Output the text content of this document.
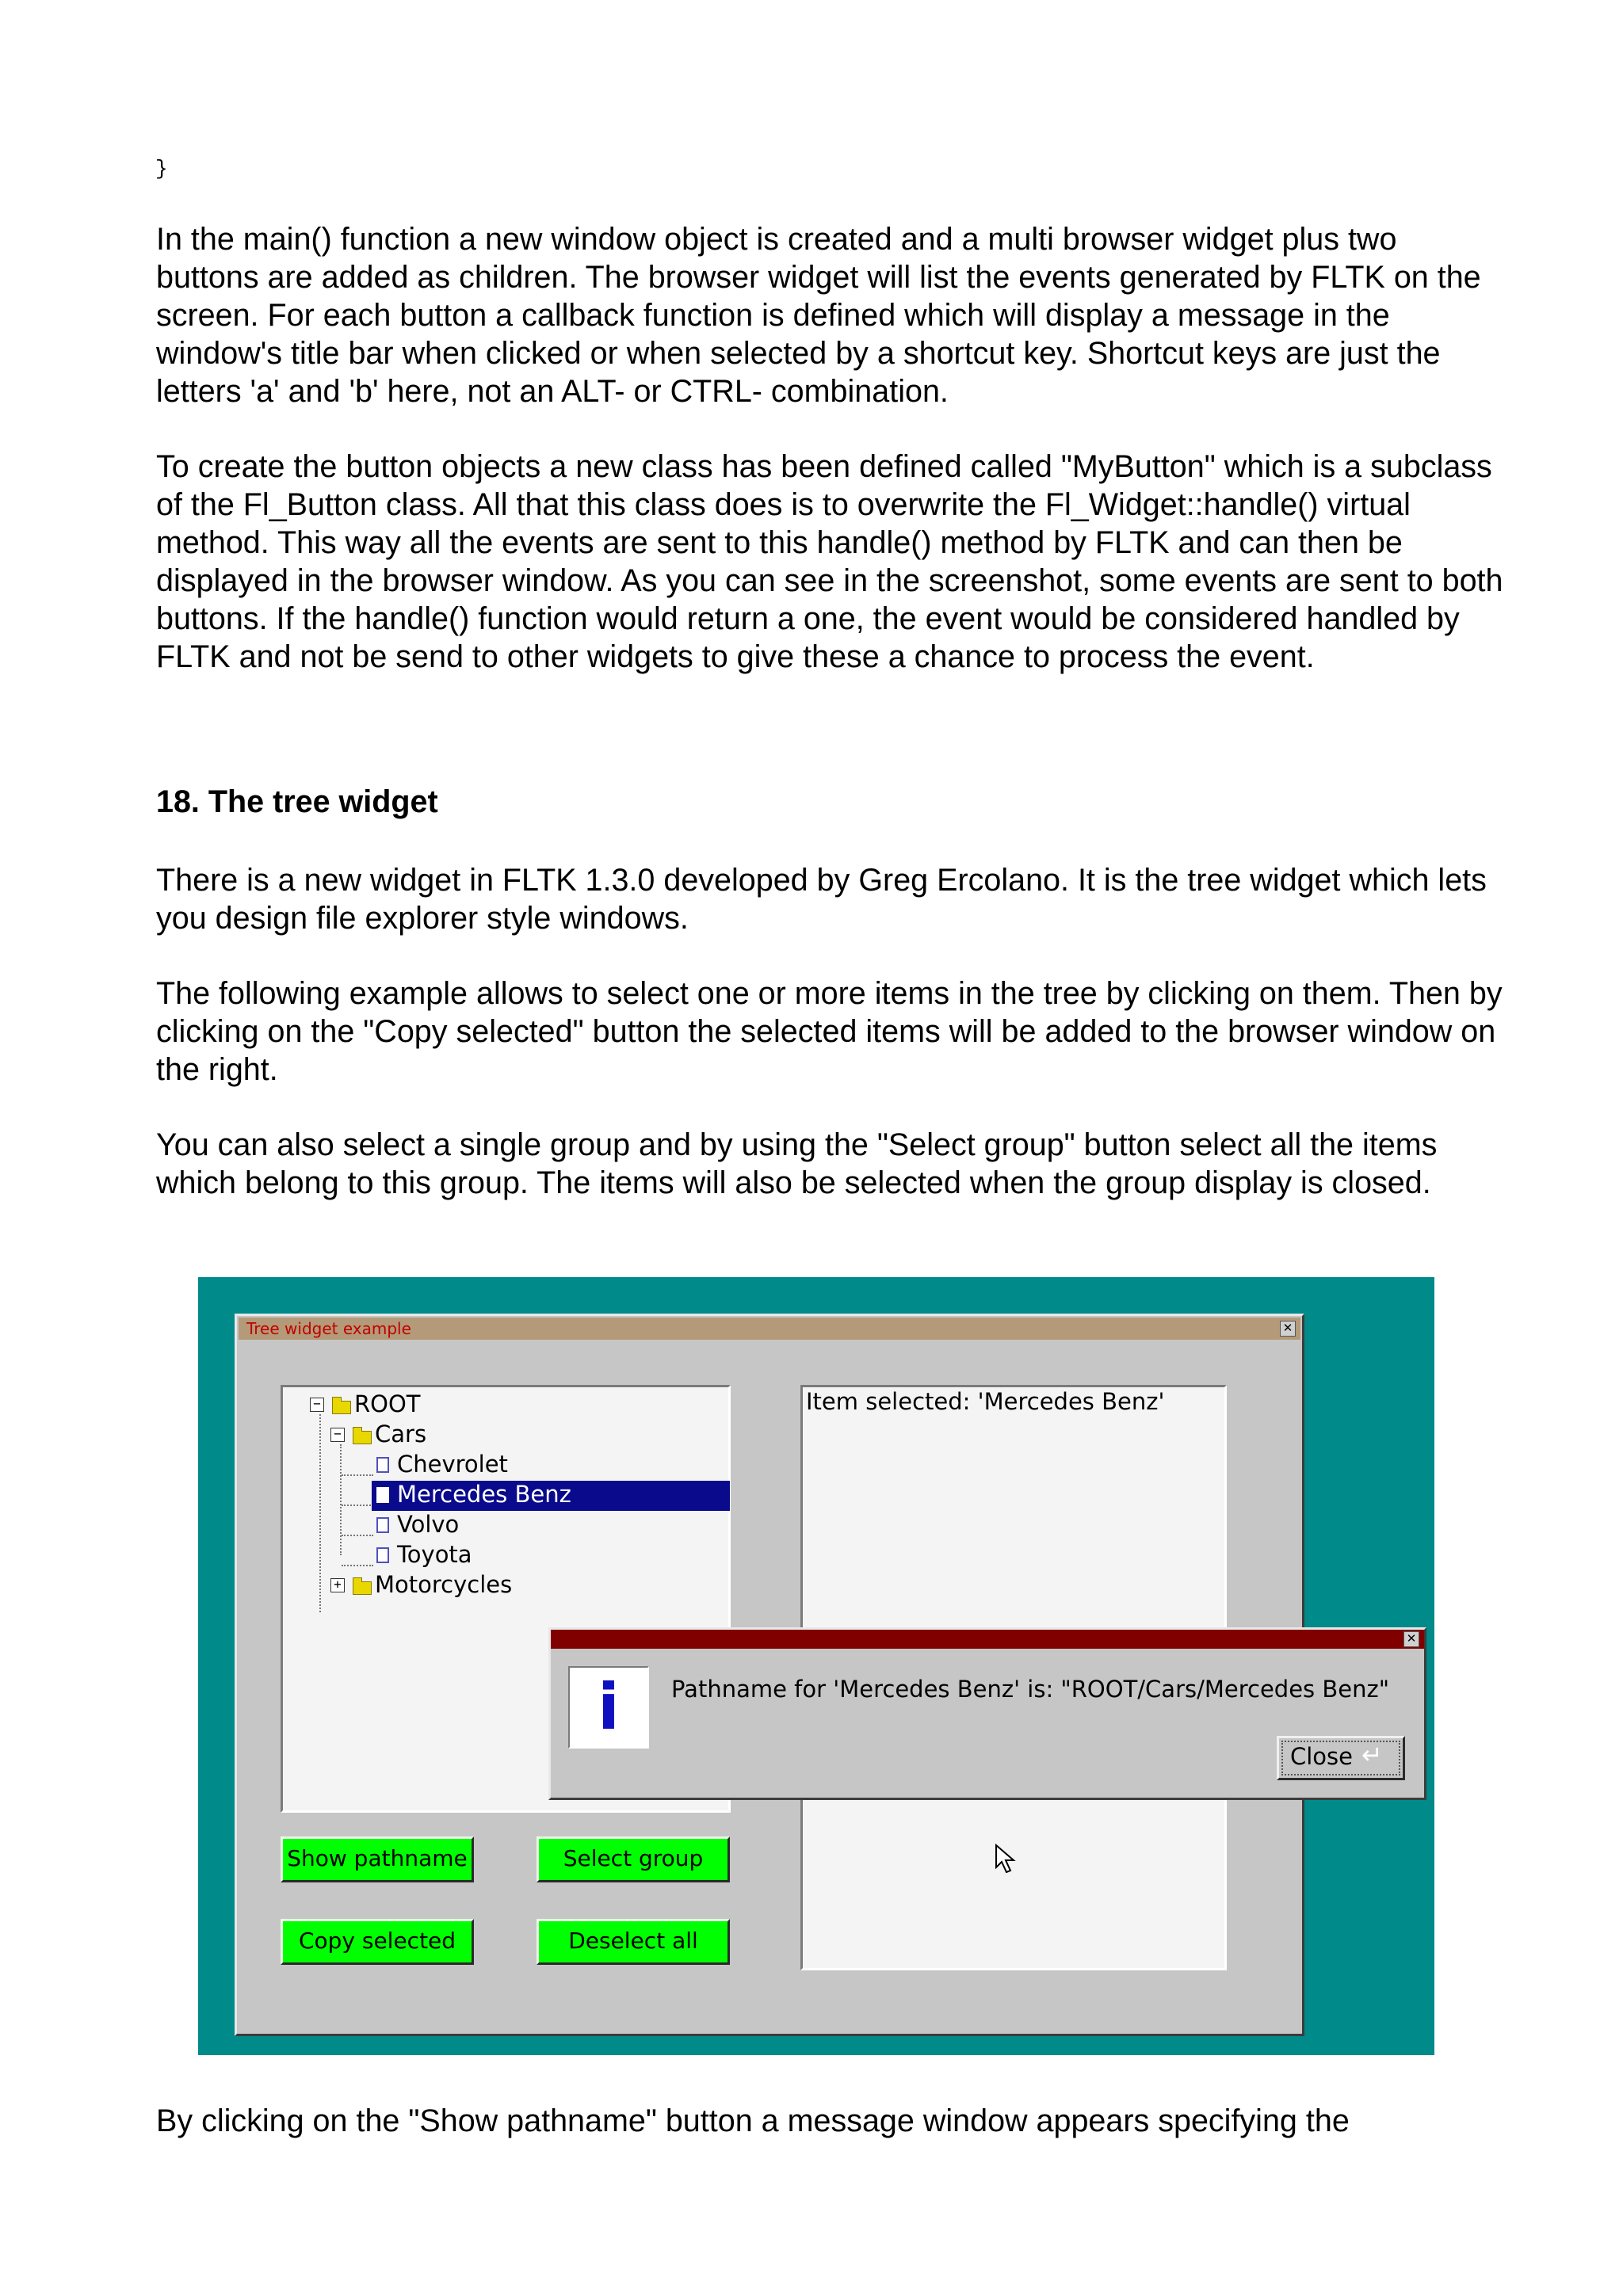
}

In the main() function a new window object is created and a multi browser widget plus two buttons are added as children. The browser widget will list the events generated by FLTK on the screen. For each button a callback function is defined which will display a message in the window's title bar when clicked or when selected by a shortcut key. Shortcut keys are just the letters 'a' and 'b' here, not an ALT- or CTRL- combination.

To create the button objects a new class has been defined called "MyButton" which is a subclass of the Fl_Button class. All that this class does is to overwrite the Fl_Widget::handle() virtual method. This way all the events are sent to this handle() method by FLTK and can then be displayed in the browser window. As you can see in the screenshot, some events are sent to both buttons. If the handle() function would return a one, the event would be considered handled by FLTK and not be send to other widgets to give these a chance to process the event.

18. The tree widget

There is a new widget in FLTK 1.3.0 developed by Greg Ercolano. It is the tree widget which lets you design file explorer style windows.

The following example allows to select one or more items in the tree by clicking on them. Then by clicking on the "Copy selected" button the selected items will be added to the browser window on the right.

You can also select a single group and by using the "Select group" button select all the items which belong to this group. The items will also be selected when the group display is closed.

Tree widget example	✕
− ROOT
− Cars
Chevrolet
Mercedes Benz
Volvo
Toyota
+ Motorcycles
Item selected: 'Mercedes Benz'
Show pathname	Select group
Copy selected	Deselect all
✕
i	Pathname for 'Mercedes Benz' is: "ROOT/Cars/Mercedes Benz"
Close ↵

By clicking on the "Show pathname" button a message window appears specifying the
